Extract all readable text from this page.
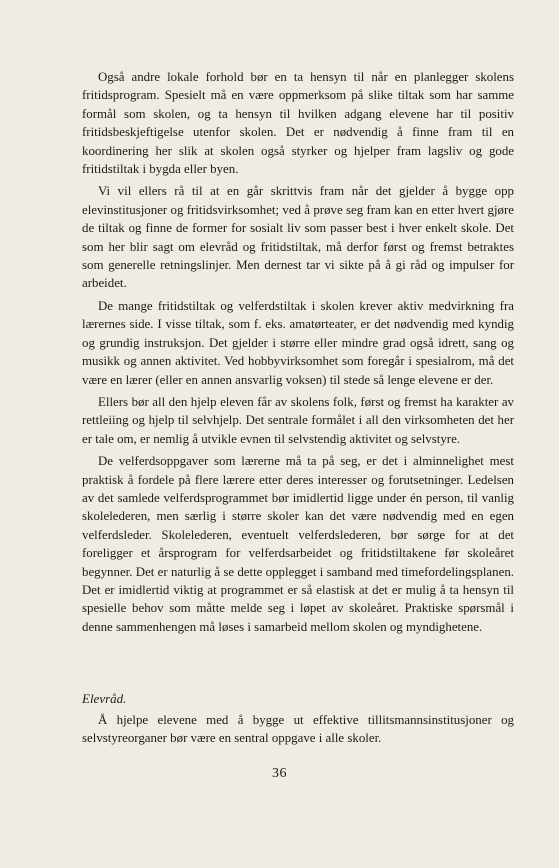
Også andre lokale forhold bør en ta hensyn til når en planlegger skolens fritidsprogram. Spesielt må en være oppmerksom på slike tiltak som har samme formål som skolen, og ta hensyn til hvilken adgang elevene har til positiv fritidsbeskjeftigelse utenfor skolen. Det er nødvendig å finne fram til en koordinering her slik at skolen også styrker og hjelper fram lagsliv og gode fritidstiltak i bygda eller byen.

Vi vil ellers rå til at en går skrittvis fram når det gjelder å bygge opp elevinstitusjoner og fritidsvirksomhet; ved å prøve seg fram kan en etter hvert gjøre de tiltak og finne de former for sosialt liv som passer best i hver enkelt skole. Det som her blir sagt om elevråd og fritidstiltak, må derfor først og fremst betraktes som generelle retningslinjer. Men dernest tar vi sikte på å gi råd og impulser for arbeidet.

De mange fritidstiltak og velferdstiltak i skolen krever aktiv medvirkning fra lærernes side. I visse tiltak, som f. eks. amatørteater, er det nødvendig med kyndig og grundig instruksjon. Det gjelder i større eller mindre grad også idrett, sang og musikk og annen aktivitet. Ved hobbyvirksomhet som foregår i spesialrom, må det være en lærer (eller en annen ansvarlig voksen) til stede så lenge elevene er der.

Ellers bør all den hjelp eleven får av skolens folk, først og fremst ha karakter av rettleiing og hjelp til selvhjelp. Det sentrale formålet i all den virksomheten det her er tale om, er nemlig å utvikle evnen til selvstendig aktivitet og selvstyre.

De velferdsoppgaver som lærerne må ta på seg, er det i alminnelighet mest praktisk å fordele på flere lærere etter deres interesser og forutsetninger. Ledelsen av det samlede velferdsprogrammet bør imidlertid ligge under én person, til vanlig skolelederen, men særlig i større skoler kan det være nødvendig med en egen velferdsleder. Skolelederen, eventuelt velferdslederen, bør sørge for at det foreligger et årsprogram for velferdsarbeidet og fritidstiltakene før skoleåret begynner. Det er naturlig å se dette opplegget i samband med timefordelingsplanen. Det er imidlertid viktig at programmet er så elastisk at det er mulig å ta hensyn til spesielle behov som måtte melde seg i løpet av skoleåret. Praktiske spørsmål i denne sammenhengen må løses i samarbeid mellom skolen og myndighetene.

Elevråd.

Å hjelpe elevene med å bygge ut effektive tillitsmannsinstitusjoner og selvstyreorganer bør være en sentral oppgave i alle skoler.

36
